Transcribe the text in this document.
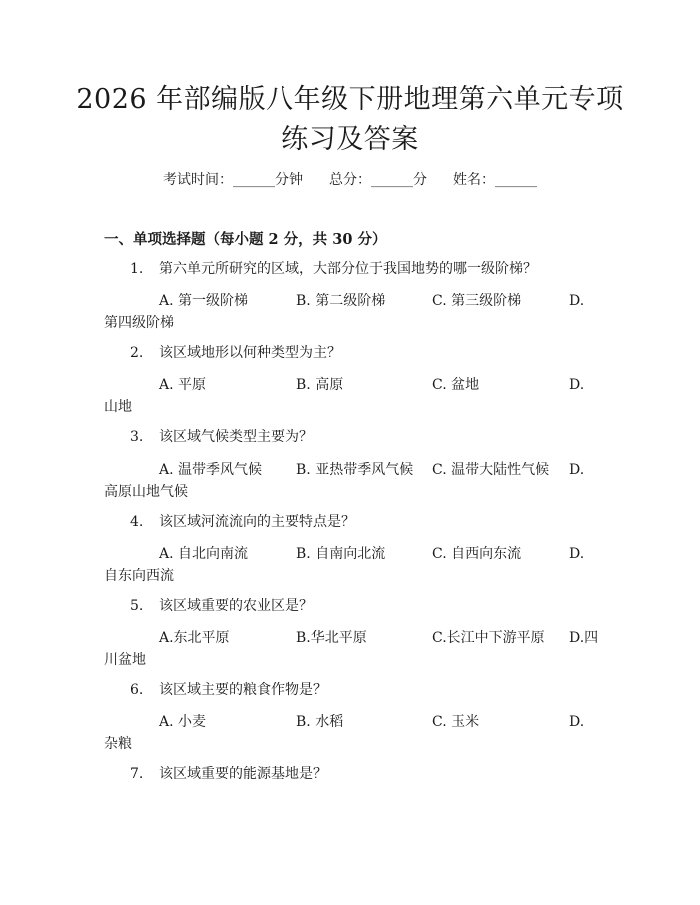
2026 年部编版八年级下册地理第六单元专项
练习及答案
考试时间：______分钟 总分：______分 姓名：______
一、单项选择题（每小题 2 分，共 30 分）
1.	第六单元所研究的区域，大部分位于我国地势的哪一级阶梯？
A. 第一级阶梯	B. 第二级阶梯	C. 第三级阶梯	D.
第四级阶梯
2.	该区域地形以何种类型为主？
A. 平原	B. 高原	C. 盆地	D.
山地
3.	该区域气候类型主要为？
A. 温带季风气候 B. 亚热带季风气候 C. 温带大陆性气候 D.
高原山地气候
4.	该区域河流流向的主要特点是？
A. 自北向南流	B. 自南向北流	C. 自西向东流	D.
自东向西流
5.	该区域重要的农业区是？
A.东北平原	B.华北平原	C.长江中下游平原 D.四
川盆地
6.	该区域主要的粮食作物是？
A. 小麦	B. 水稻	C. 玉米	D.
杂粮
7.	该区域重要的能源基地是？
